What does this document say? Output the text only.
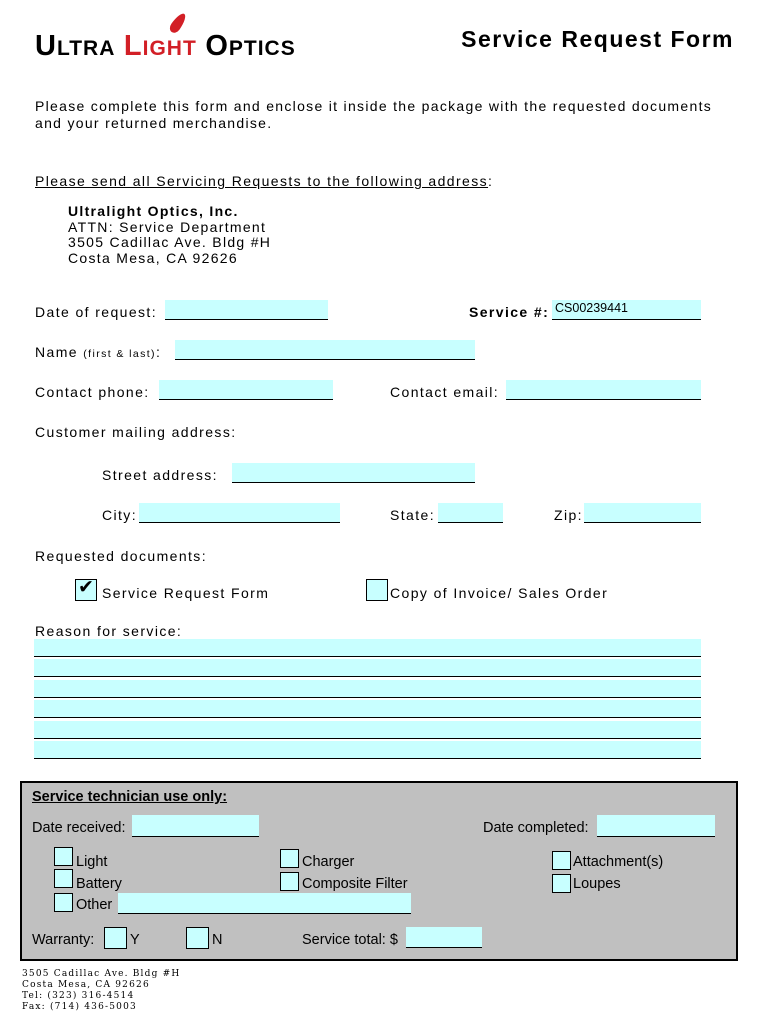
ULTRA LIGHT OPTICS	Service Request Form
Please complete this form and enclose it inside the package with the requested documents and your returned merchandise.
Please send all Servicing Requests to the following address:
Ultralight Optics, Inc.
ATTN: Service Department
3505 Cadillac Ave. Bldg #H
Costa Mesa, CA 92626
Date of request:	Service #: CS00239441
Name (first & last):
Contact phone:	Contact email:
Customer mailing address:
Street address:
City:	State:	Zip:
Requested documents:
✔ Service Request Form	Copy of Invoice/ Sales Order
Reason for service:
Service technician use only:
Date received:	Date completed:
Light
Battery
Other
Charger
Composite Filter
Attachment(s)
Loupes
Warranty: Y	N	Service total: $
3505 Cadillac Ave. Bldg #H
Costa Mesa, CA 92626
Tel: (323) 316-4514
Fax: (714) 436-5003
